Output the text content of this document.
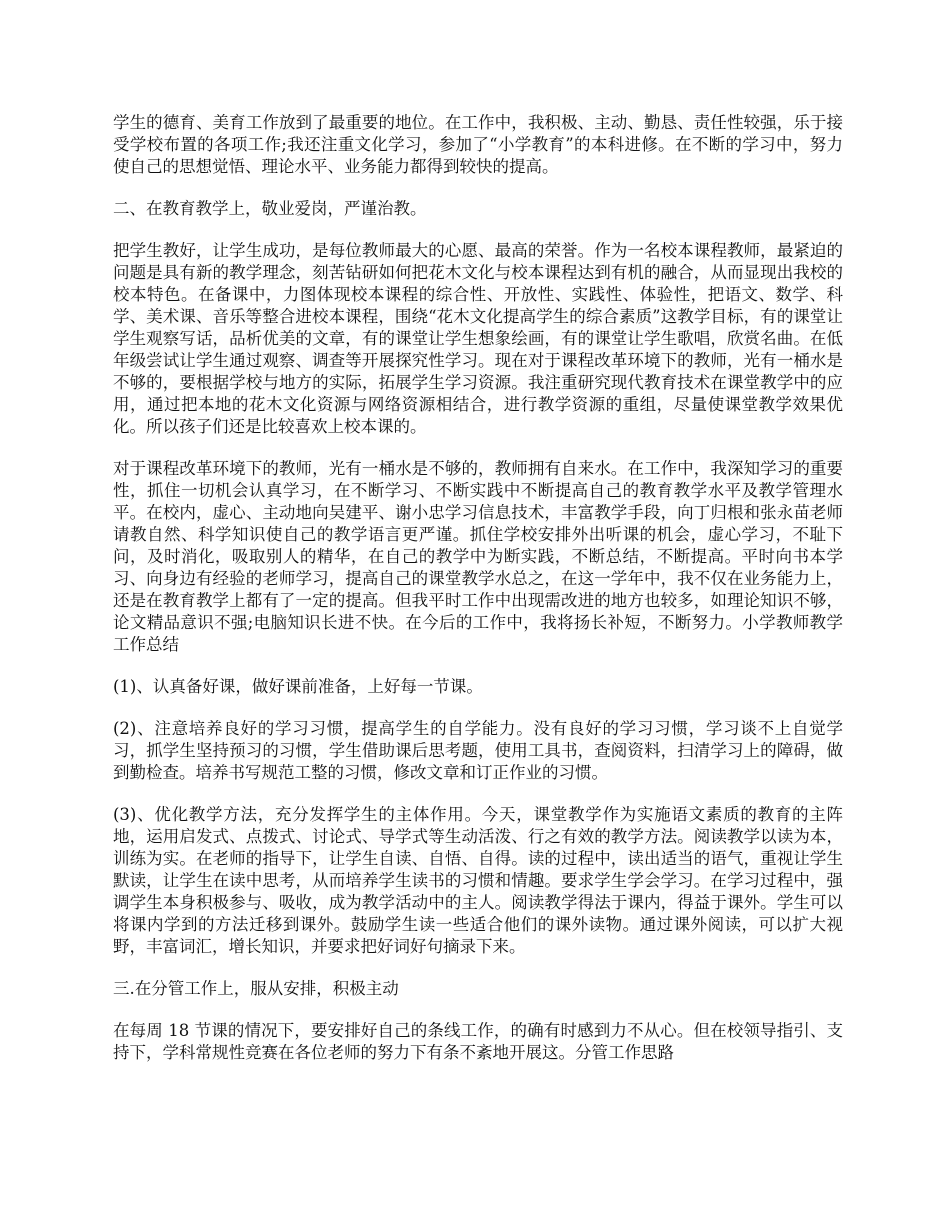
学生的德育、美育工作放到了最重要的地位。在工作中，我积极、主动、勤恳、责任性较强，乐于接受学校布置的各项工作;我还注重文化学习，参加了“小学教育”的本科进修。在不断的学习中，努力使自己的思想觉悟、理论水平、业务能力都得到较快的提高。

二、在教育教学上，敬业爱岗，严谨治教。

把学生教好，让学生成功，是每位教师最大的心愿、最高的荣誉。作为一名校本课程教师，最紧迫的问题是具有新的教学理念，刻苦钻研如何把花木文化与校本课程达到有机的融合，从而显现出我校的校本特色。在备课中，力图体现校本课程的综合性、开放性、实践性、体验性，把语文、数学、科学、美术课、音乐等整合进校本课程，围绕“花木文化提高学生的综合素质”这教学目标，有的课堂让学生观察写话，品析优美的文章，有的课堂让学生想象绘画，有的课堂让学生歌唱，欣赏名曲。在低年级尝试让学生通过观察、调查等开展探究性学习。现在对于课程改革环境下的教师，光有一桶水是不够的，要根据学校与地方的实际，拓展学生学习资源。我注重研究现代教育技术在课堂教学中的应用，通过把本地的花木文化资源与网络资源相结合，进行教学资源的重组，尽量使课堂教学效果优化。所以孩子们还是比较喜欢上校本课的。

对于课程改革环境下的教师，光有一桶水是不够的，教师拥有自来水。在工作中，我深知学习的重要性，抓住一切机会认真学习，在不断学习、不断实践中不断提高自己的教育教学水平及教学管理水平。在校内，虚心、主动地向吴建平、谢小忠学习信息技术，丰富教学手段，向丁归根和张永苗老师请教自然、科学知识使自己的教学语言更严谨。抓住学校安排外出听课的机会，虚心学习，不耻下问，及时消化，吸取别人的精华，在自己的教学中为断实践，不断总结，不断提高。平时向书本学习、向身边有经验的老师学习，提高自己的课堂教学水总之，在这一学年中，我不仅在业务能力上，还是在教育教学上都有了一定的提高。但我平时工作中出现需改进的地方也较多，如理论知识不够，论文精品意识不强;电脑知识长进不快。在今后的工作中，我将扬长补短，不断努力。小学教师教学工作总结

(1)、认真备好课，做好课前准备，上好每一节课。

(2)、注意培养良好的学习习惯，提高学生的自学能力。没有良好的学习习惯，学习谈不上自觉学习，抓学生坚持预习的习惯，学生借助课后思考题，使用工具书，查阅资料，扫清学习上的障碍，做到勤检查。培养书写规范工整的习惯，修改文章和订正作业的习惯。

(3)、优化教学方法，充分发挥学生的主体作用。今天，课堂教学作为实施语文素质的教育的主阵地，运用启发式、点拨式、讨论式、导学式等生动活泼、行之有效的教学方法。阅读教学以读为本，训练为实。在老师的指导下，让学生自读、自悟、自得。读的过程中，读出适当的语气，重视让学生默读，让学生在读中思考，从而培养学生读书的习惯和情趣。要求学生学会学习。在学习过程中，强调学生本身积极参与、吸收，成为教学活动中的主人。阅读教学得法于课内，得益于课外。学生可以将课内学到的方法迁移到课外。鼓励学生读一些适合他们的课外读物。通过课外阅读，可以扩大视野，丰富词汇，增长知识，并要求把好词好句摘录下来。

三.在分管工作上，服从安排，积极主动

在每周 18 节课的情况下，要安排好自己的条线工作，的确有时感到力不从心。但在校领导指引、支持下，学科常规性竞赛在各位老师的努力下有条不紊地开展这。分管工作思路
